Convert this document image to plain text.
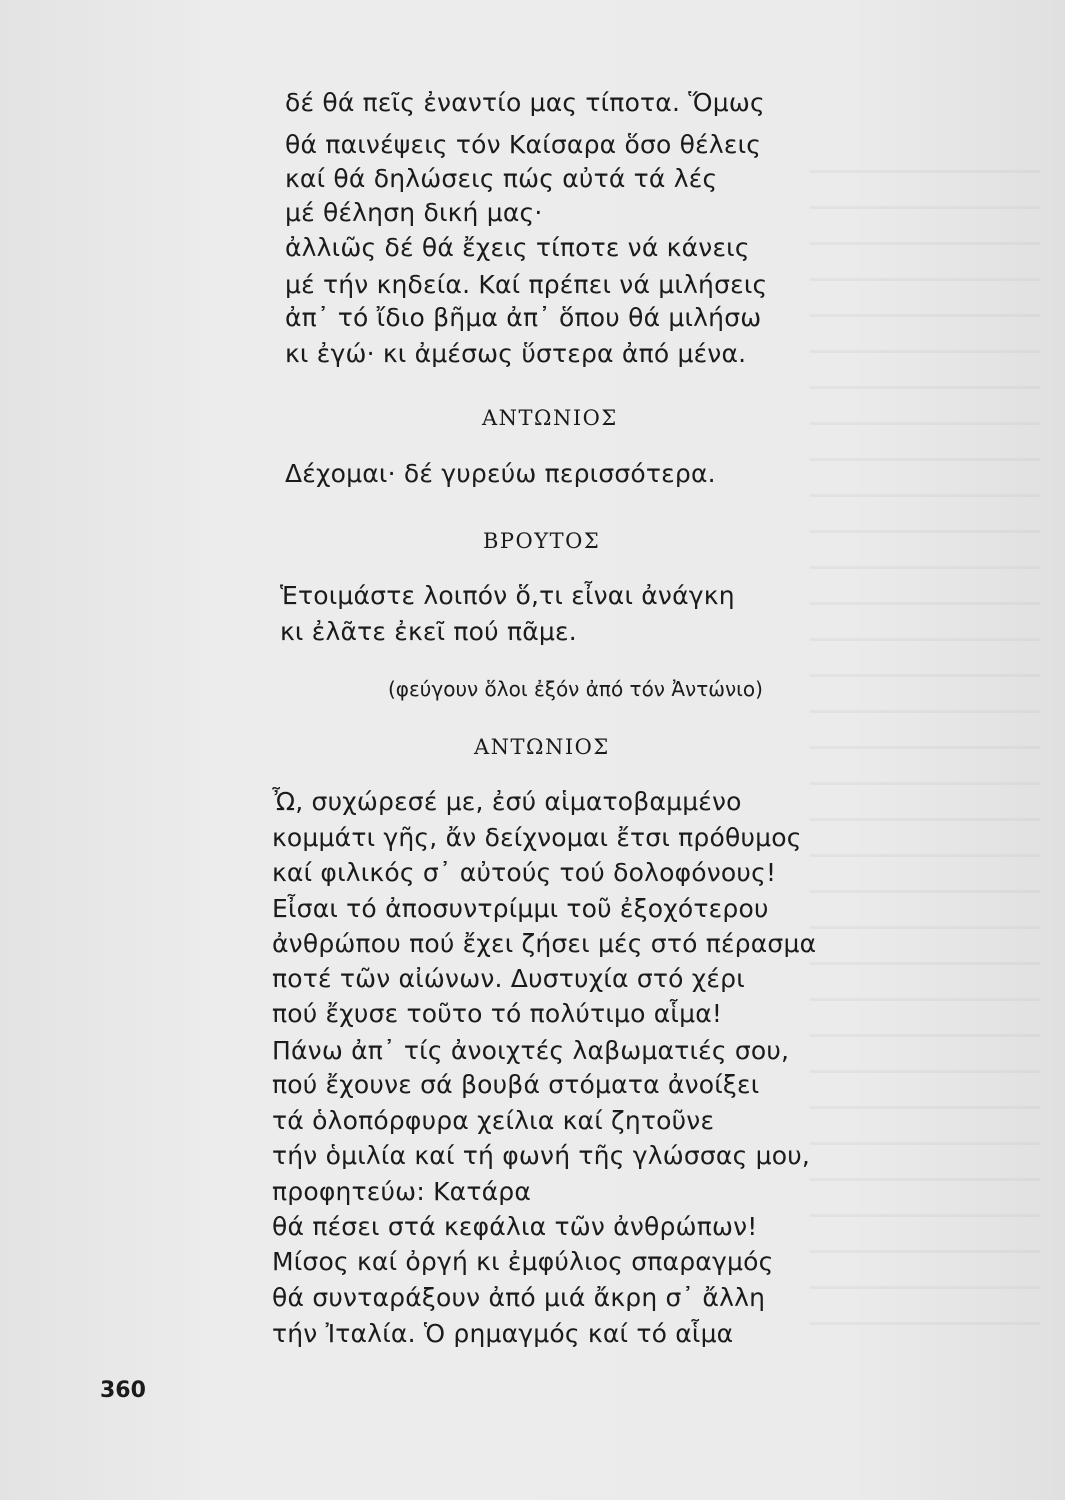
δέ θά πεῖς ἐναντίο μας τίποτα. Ὅμως
θά παινέψεις τόν Καίσαρα ὅσο θέλεις
καί θά δηλώσεις πώς αὐτά τά λές
μέ θέληση δική μας·
ἀλλιῶς δέ θά ἔχεις τίποτε νά κάνεις
μέ τήν κηδεία. Καί πρέπει νά μιλήσεις
ἀπ᾿ τό ἴδιο βῆμα ἀπ᾿ ὅπου θά μιλήσω
κι ἐγώ· κι ἀμέσως ὕστερα ἀπό μένα.
ΑΝΤΩΝΙΟΣ
Δέχομαι· δέ γυρεύω περισσότερα.
ΒΡΟΥΤΟΣ
Ἑτοιμάστε λοιπόν ὅ,τι εἶναι ἀνάγκη
κι ἐλᾶτε ἐκεῖ πού πᾶμε.
(φεύγουν ὅλοι ἐξόν ἀπό τόν Ἀντώνιο)
ΑΝΤΩΝΙΟΣ
Ὦ, συχώρεσέ με, ἐσύ αἱματοβαμμένο
κομμάτι γῆς, ἄν δείχνομαι ἔτσι πρόθυμος
καί φιλικός σ᾿ αὐτούς τού δολοφόνους!
Εἶσαι τό ἀποσυντρίμμι τοῦ ἐξοχότερου
ἀνθρώπου πού ἔχει ζήσει μές στό πέρασμα
ποτέ τῶν αἰώνων. Δυστυχία στό χέρι
πού ἔχυσε τοῦτο τό πολύτιμο αἷμα!
Πάνω ἀπ᾿ τίς ἀνοιχτές λαβωματιές σου,
πού ἔχουνε σά βουβά στόματα ἀνοίξει
τά ὁλοπόρφυρα χείλια καί ζητοῦνε
τήν ὁμιλία καί τή φωνή τῆς γλώσσας μου,
προφητεύω: Κατάρα
θά πέσει στά κεφάλια τῶν ἀνθρώπων!
Μίσος καί ὀργή κι ἐμφύλιος σπαραγμός
θά συνταράξουν ἀπό μιά ἄκρη σ᾿ ἄλλη
τήν Ἰταλία. Ὁ ρημαγμός καί τό αἷμα
360
